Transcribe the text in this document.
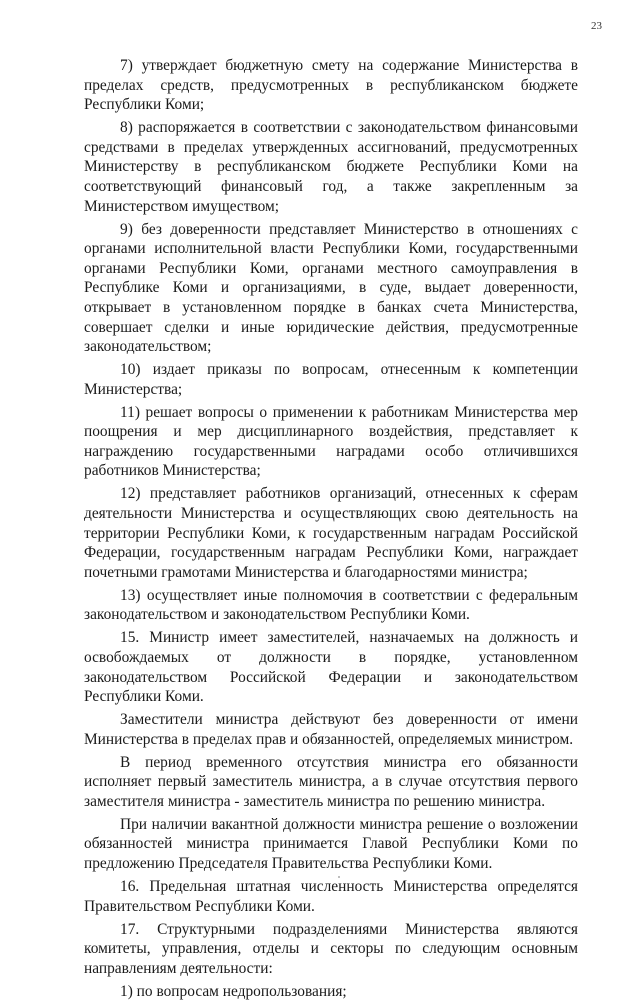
23

7) утверждает бюджетную смету на содержание Министерства в пределах средств, предусмотренных в республиканском бюджете Республики Коми;

8) распоряжается в соответствии с законодательством финансовыми средствами в пределах утвержденных ассигнований, предусмотренных Министерству в республиканском бюджете Республики Коми на соответствующий финансовый год, а также закрепленным за Министерством имуществом;

9) без доверенности представляет Министерство в отношениях с органами исполнительной власти Республики Коми, государственными органами Республики Коми, органами местного самоуправления в Республике Коми и организациями, в суде, выдает доверенности, открывает в установленном порядке в банках счета Министерства, совершает сделки и иные юридические действия, предусмотренные законодательством;

10) издает приказы по вопросам, отнесенным к компетенции Министерства;

11) решает вопросы о применении к работникам Министерства мер поощрения и мер дисциплинарного воздействия, представляет к награждению государственными наградами особо отличившихся работников Министерства;

12) представляет работников организаций, отнесенных к сферам деятельности Министерства и осуществляющих свою деятельность на территории Республики Коми, к государственным наградам Российской Федерации, государственным наградам Республики Коми, награждает почетными грамотами Министерства и благодарностями министра;

13) осуществляет иные полномочия в соответствии с федеральным законодательством и законодательством Республики Коми.

15. Министр имеет заместителей, назначаемых на должность и освобождаемых от должности в порядке, установленном законодательством Российской Федерации и законодательством Республики Коми.

Заместители министра действуют без доверенности от имени Министерства в пределах прав и обязанностей, определяемых министром.

В период временного отсутствия министра его обязанности исполняет первый заместитель министра, а в случае отсутствия первого заместителя министра - заместитель министра по решению министра.

При наличии вакантной должности министра решение о возложении обязанностей министра принимается Главой Республики Коми по предложению Председателя Правительства Республики Коми.

16. Предельная штатная численность Министерства определятся Правительством Республики Коми.

17. Структурными подразделениями Министерства являются комитеты, управления, отделы и секторы по следующим основным направлениям деятельности:

1) по вопросам недропользования;
